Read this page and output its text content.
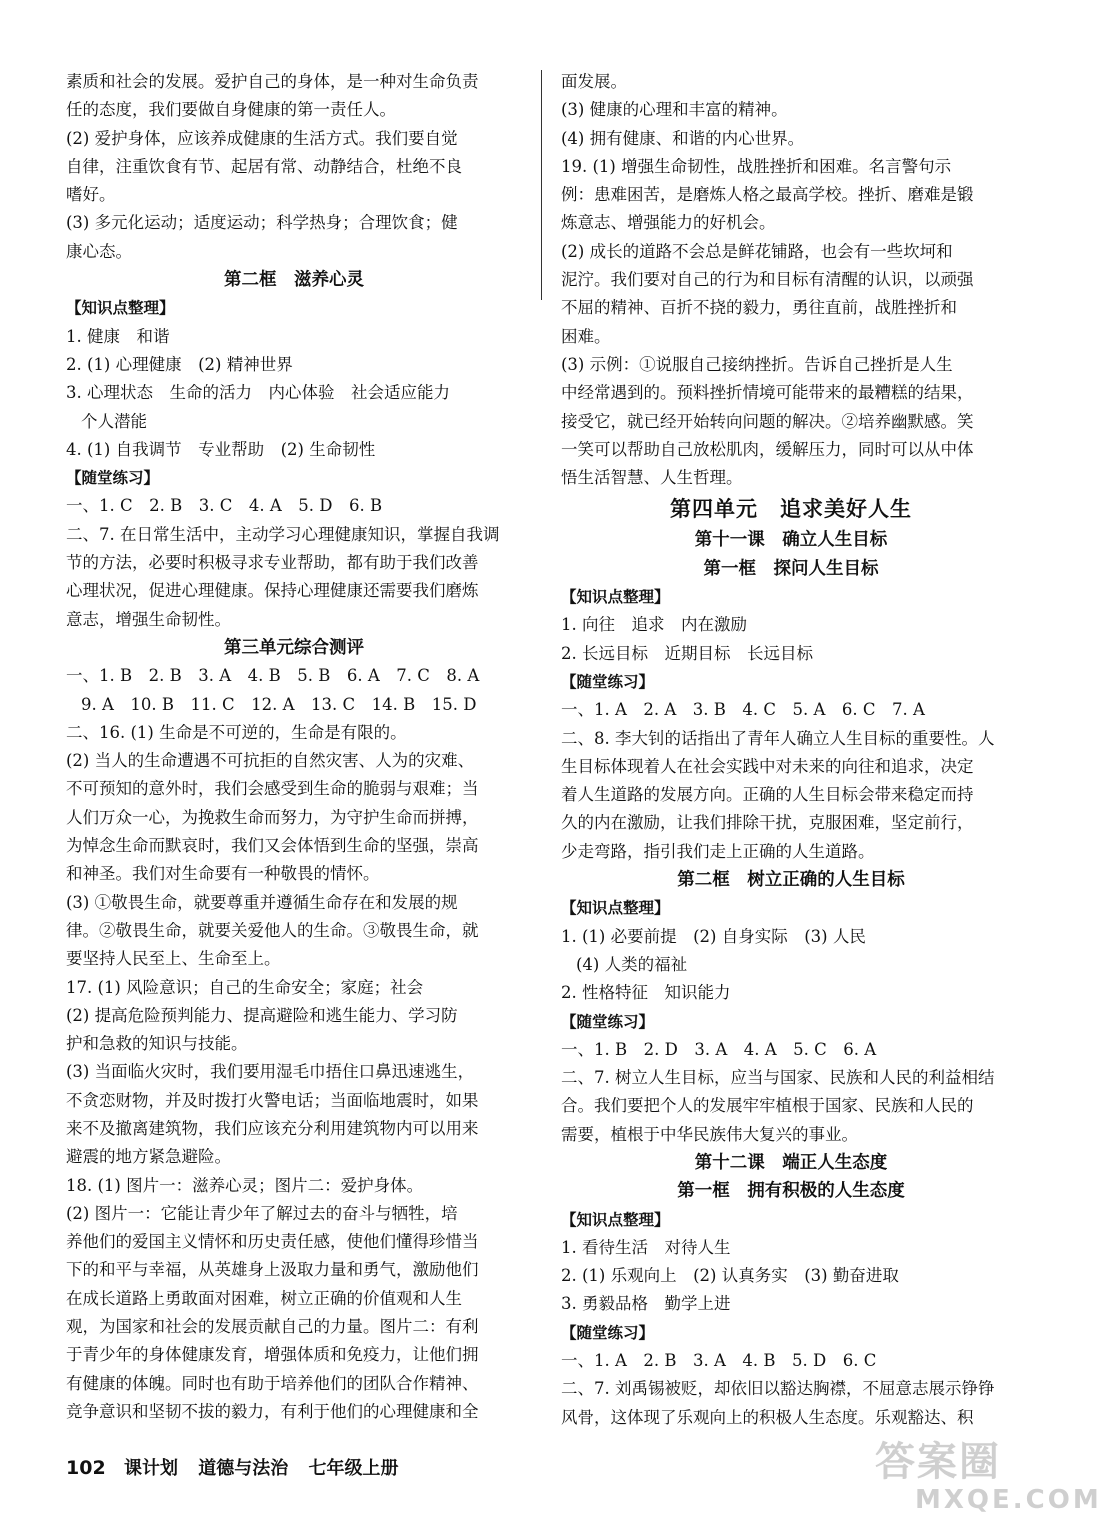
素质和社会的发展。爱护自己的身体，是一种对生命负责
任的态度，我们要做自身健康的第一责任人。
(2) 爱护身体，应该养成健康的生活方式。我们要自觉
自律，注重饮食有节、起居有常、动静结合，杜绝不良
嗜好。
(3) 多元化运动；适度运动；科学热身；合理饮食；健
康心态。
第二框　滋养心灵
【知识点整理】
1. 健康　和谐
2. (1) 心理健康　(2) 精神世界
3. 心理状态　生命的活力　内心体验　社会适应能力
个人潜能
4. (1) 自我调节　专业帮助　(2) 生命韧性
【随堂练习】
一、1. C　2. B　3. C　4. A　5. D　6. B
二、7. 在日常生活中，主动学习心理健康知识，掌握自我调
节的方法，必要时积极寻求专业帮助，都有助于我们改善
心理状况，促进心理健康。保持心理健康还需要我们磨炼
意志，增强生命韧性。
第三单元综合测评
一、1. B　2. B　3. A　4. B　5. B　6. A　7. C　8. A
9. A　10. B　11. C　12. A　13. C　14. B　15. D
二、16. (1) 生命是不可逆的，生命是有限的。
(2) 当人的生命遭遇不可抗拒的自然灾害、人为的灾难、
不可预知的意外时，我们会感受到生命的脆弱与艰难；当
人们万众一心，为挽救生命而努力，为守护生命而拼搏，
为悼念生命而默哀时，我们又会体悟到生命的坚强，崇高
和神圣。我们对生命要有一种敬畏的情怀。
(3) ①敬畏生命，就要尊重并遵循生命存在和发展的规
律。②敬畏生命，就要关爱他人的生命。③敬畏生命，就
要坚持人民至上、生命至上。
17. (1) 风险意识；自己的生命安全；家庭；社会
(2) 提高危险预判能力、提高避险和逃生能力、学习防
护和急救的知识与技能。
(3) 当面临火灾时，我们要用湿毛巾捂住口鼻迅速逃生，
不贪恋财物，并及时拨打火警电话；当面临地震时，如果
来不及撤离建筑物，我们应该充分利用建筑物内可以用来
避震的地方紧急避险。
18. (1) 图片一：滋养心灵；图片二：爱护身体。
(2) 图片一：它能让青少年了解过去的奋斗与牺牲，培
养他们的爱国主义情怀和历史责任感，使他们懂得珍惜当
下的和平与幸福，从英雄身上汲取力量和勇气，激励他们
在成长道路上勇敢面对困难，树立正确的价值观和人生
观，为国家和社会的发展贡献自己的力量。图片二：有利
于青少年的身体健康发育，增强体质和免疫力，让他们拥
有健康的体魄。同时也有助于培养他们的团队合作精神、
竞争意识和坚韧不拔的毅力，有利于他们的心理健康和全
面发展。
(3) 健康的心理和丰富的精神。
(4) 拥有健康、和谐的内心世界。
19. (1) 增强生命韧性，战胜挫折和困难。名言警句示
例：患难困苦，是磨炼人格之最高学校。挫折、磨难是锻
炼意志、增强能力的好机会。
(2) 成长的道路不会总是鲜花铺路，也会有一些坎坷和
泥泞。我们要对自己的行为和目标有清醒的认识，以顽强
不屈的精神、百折不挠的毅力，勇往直前，战胜挫折和
困难。
(3) 示例：①说服自己接纳挫折。告诉自己挫折是人生
中经常遇到的。预料挫折情境可能带来的最糟糕的结果，
接受它，就已经开始转向问题的解决。②培养幽默感。笑
一笑可以帮助自己放松肌肉，缓解压力，同时可以从中体
悟生活智慧、人生哲理。
第四单元　追求美好人生
第十一课　确立人生目标
第一框　探问人生目标
【知识点整理】
1. 向往　追求　内在激励
2. 长远目标　近期目标　长远目标
【随堂练习】
一、1. A　2. A　3. B　4. C　5. A　6. C　7. A
二、8. 李大钊的话指出了青年人确立人生目标的重要性。人
生目标体现着人在社会实践中对未来的向往和追求，决定
着人生道路的发展方向。正确的人生目标会带来稳定而持
久的内在激励，让我们排除干扰，克服困难，坚定前行，
少走弯路，指引我们走上正确的人生道路。
第二框　树立正确的人生目标
【知识点整理】
1. (1) 必要前提　(2) 自身实际　(3) 人民
(4) 人类的福祉
2. 性格特征　知识能力
【随堂练习】
一、1. B　2. D　3. A　4. A　5. C　6. A
二、7. 树立人生目标，应当与国家、民族和人民的利益相结
合。我们要把个人的发展牢牢植根于国家、民族和人民的
需要，植根于中华民族伟大复兴的事业。
第十二课　端正人生态度
第一框　拥有积极的人生态度
【知识点整理】
1. 看待生活　对待人生
2. (1) 乐观向上　(2) 认真务实　(3) 勤奋进取
3. 勇毅品格　勤学上进
【随堂练习】
一、1. A　2. B　3. A　4. B　5. D　6. C
二、7. 刘禹锡被贬，却依旧以豁达胸襟，不屈意志展示铮铮
风骨，这体现了乐观向上的积极人生态度。乐观豁达、积
102 课计划 道德与法治 七年级上册	答案圈
MXQE.COM
